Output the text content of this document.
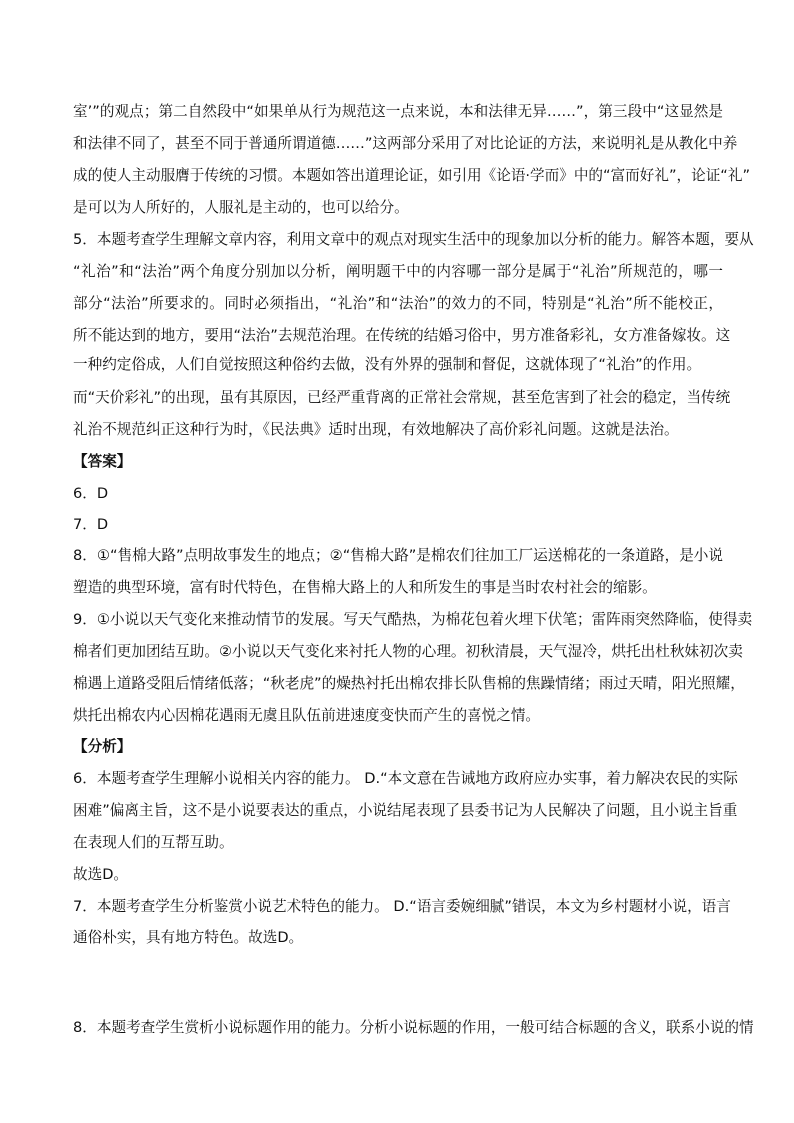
室’”的观点；第二自然段中“如果单从行为规范这一点来说，本和法律无异……”，第三段中“这显然是
和法律不同了，甚至不同于普通所谓道德……”这两部分采用了对比论证的方法，来说明礼是从教化中养
成的使人主动服膺于传统的习惯。本题如答出道理论证，如引用《论语·学而》中的“富而好礼”，论证“礼”
是可以为人所好的，人服礼是主动的，也可以给分。
5．本题考查学生理解文章内容，利用文章中的观点对现实生活中的现象加以分析的能力。解答本题，要从
“礼治”和“法治”两个角度分别加以分析，阐明题干中的内容哪一部分是属于“礼治”所规范的，哪一
部分“法治”所要求的。同时必须指出，“礼治”和“法治”的效力的不同，特别是“礼治”所不能校正，
所不能达到的地方，要用“法治”去规范治理。在传统的结婚习俗中，男方准备彩礼，女方准备嫁妆。这
一种约定俗成，人们自觉按照这种俗约去做，没有外界的强制和督促，这就体现了“礼治”的作用。
而“天价彩礼”的出现，虽有其原因，已经严重背离的正常社会常规，甚至危害到了社会的稳定，当传统
礼治不规范纠正这种行为时，《民法典》适时出现，有效地解决了高价彩礼问题。这就是法治。
【答案】
6．D
7．D
8．①“售棉大路”点明故事发生的地点；②“售棉大路”是棉农们往加工厂运送棉花的一条道路，是小说
塑造的典型环境，富有时代特色，在售棉大路上的人和所发生的事是当时农村社会的缩影。
9．①小说以天气变化来推动情节的发展。写天气酷热，为棉花包着火埋下伏笔；雷阵雨突然降临，使得卖
棉者们更加团结互助。②小说以天气变化来衬托人物的心理。初秋清晨，天气湿冷，烘托出杜秋妹初次卖
棉遇上道路受阻后情绪低落；“秋老虎”的燥热衬托出棉农排长队售棉的焦躁情绪；雨过天晴，阳光照耀，
烘托出棉农内心因棉花遇雨无虞且队伍前进速度变快而产生的喜悦之情。
【分析】
6．本题考查学生理解小说相关内容的能力。 D.“本文意在告诫地方政府应办实事，着力解决农民的实际
困难”偏离主旨，这不是小说要表达的重点，小说结尾表现了县委书记为人民解决了问题，且小说主旨重
在表现人们的互帮互助。
故选D。
7．本题考查学生分析鉴赏小说艺术特色的能力。 D.“语言委婉细腻”错误，本文为乡村题材小说，语言
通俗朴实，具有地方特色。故选D。
8．本题考查学生赏析小说标题作用的能力。分析小说标题的作用，一般可结合标题的含义，联系小说的情
